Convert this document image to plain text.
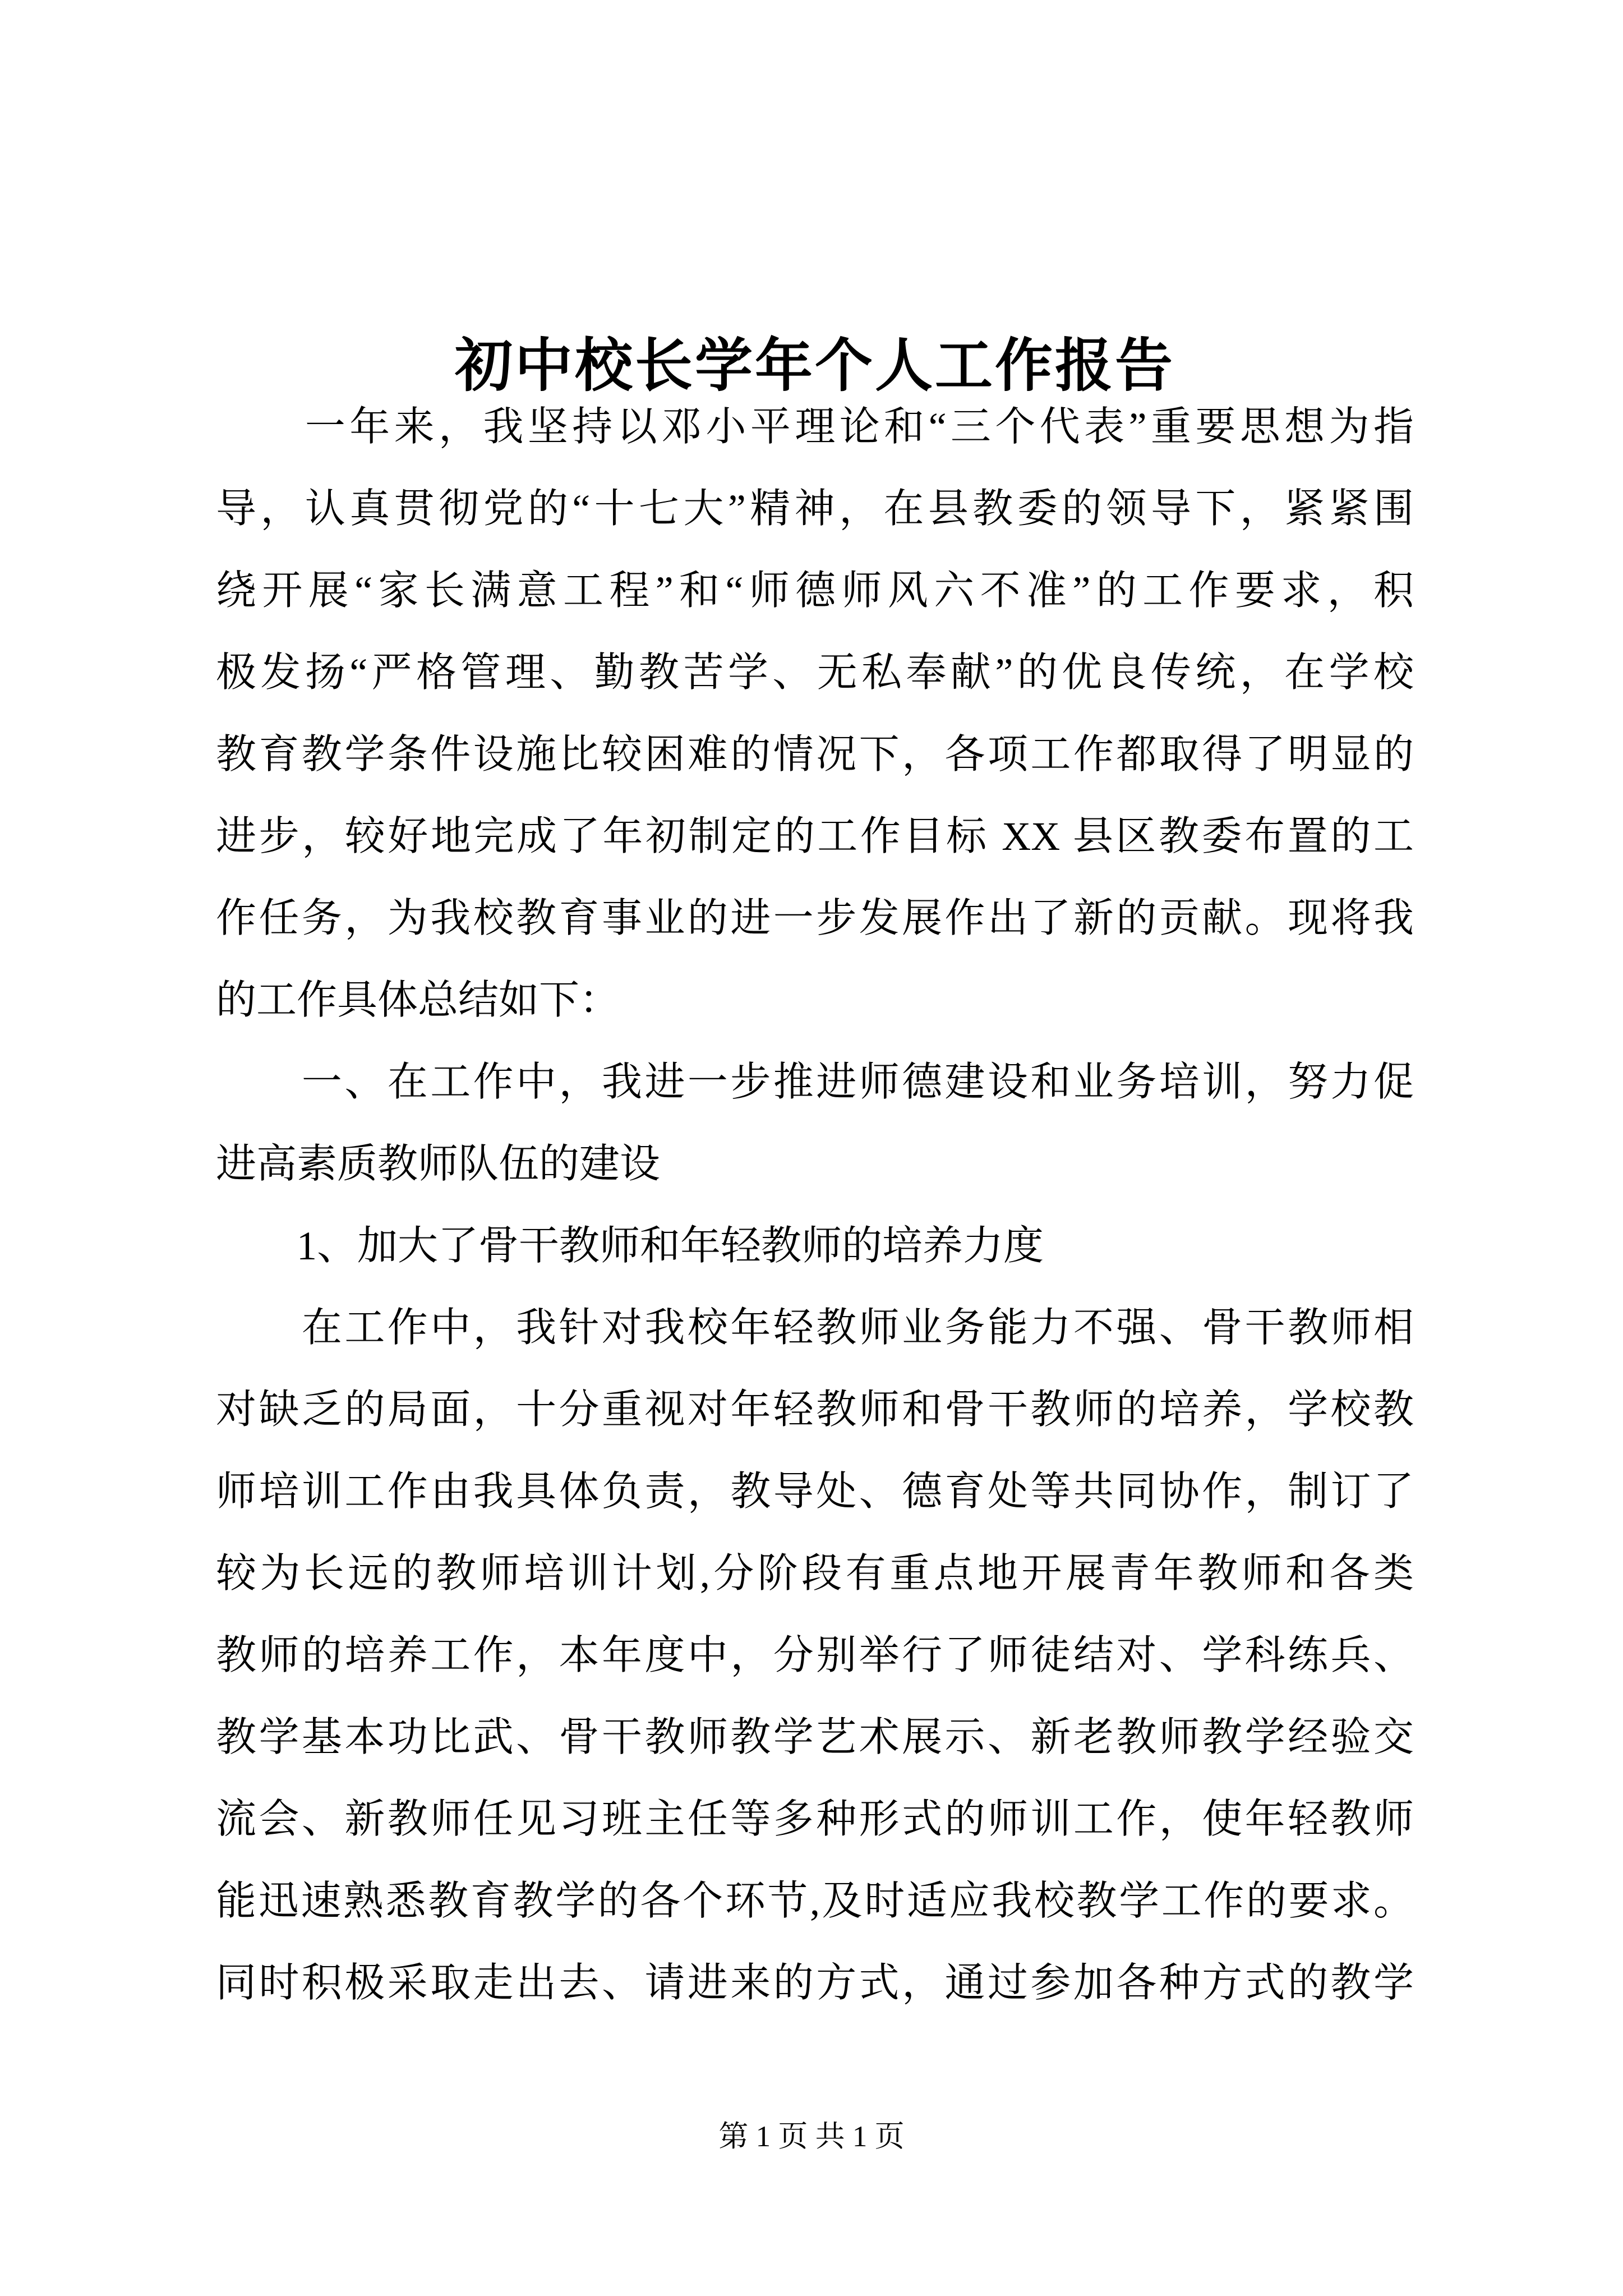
初中校长学年个人工作报告
　　一年来，我坚持以邓小平理论和“三个代表”重要思想为指
导，认真贯彻党的“十七大”精神，在县教委的领导下，紧紧围
绕开展“家长满意工程”和“师德师风六不准”的工作要求，积
极发扬“严格管理、勤教苦学、无私奉献”的优良传统，在学校
教育教学条件设施比较困难的情况下，各项工作都取得了明显的
进步，较好地完成了年初制定的工作目标 XX 县区教委布置的工
作任务，为我校教育事业的进一步发展作出了新的贡献。现将我
的工作具体总结如下：
　　一、在工作中，我进一步推进师德建设和业务培训，努力促
进高素质教师队伍的建设
　　1、加大了骨干教师和年轻教师的培养力度
　　在工作中，我针对我校年轻教师业务能力不强、骨干教师相
对缺乏的局面，十分重视对年轻教师和骨干教师的培养，学校教
师培训工作由我具体负责，教导处、德育处等共同协作，制订了
较为长远的教师培训计划,分阶段有重点地开展青年教师和各类
教师的培养工作，本年度中，分别举行了师徒结对、学科练兵、
教学基本功比武、骨干教师教学艺术展示、新老教师教学经验交
流会、新教师任见习班主任等多种形式的师训工作，使年轻教师
能迅速熟悉教育教学的各个环节,及时适应我校教学工作的要求。
同时积极采取走出去、请进来的方式，通过参加各种方式的教学
第 1 页 共 1 页
